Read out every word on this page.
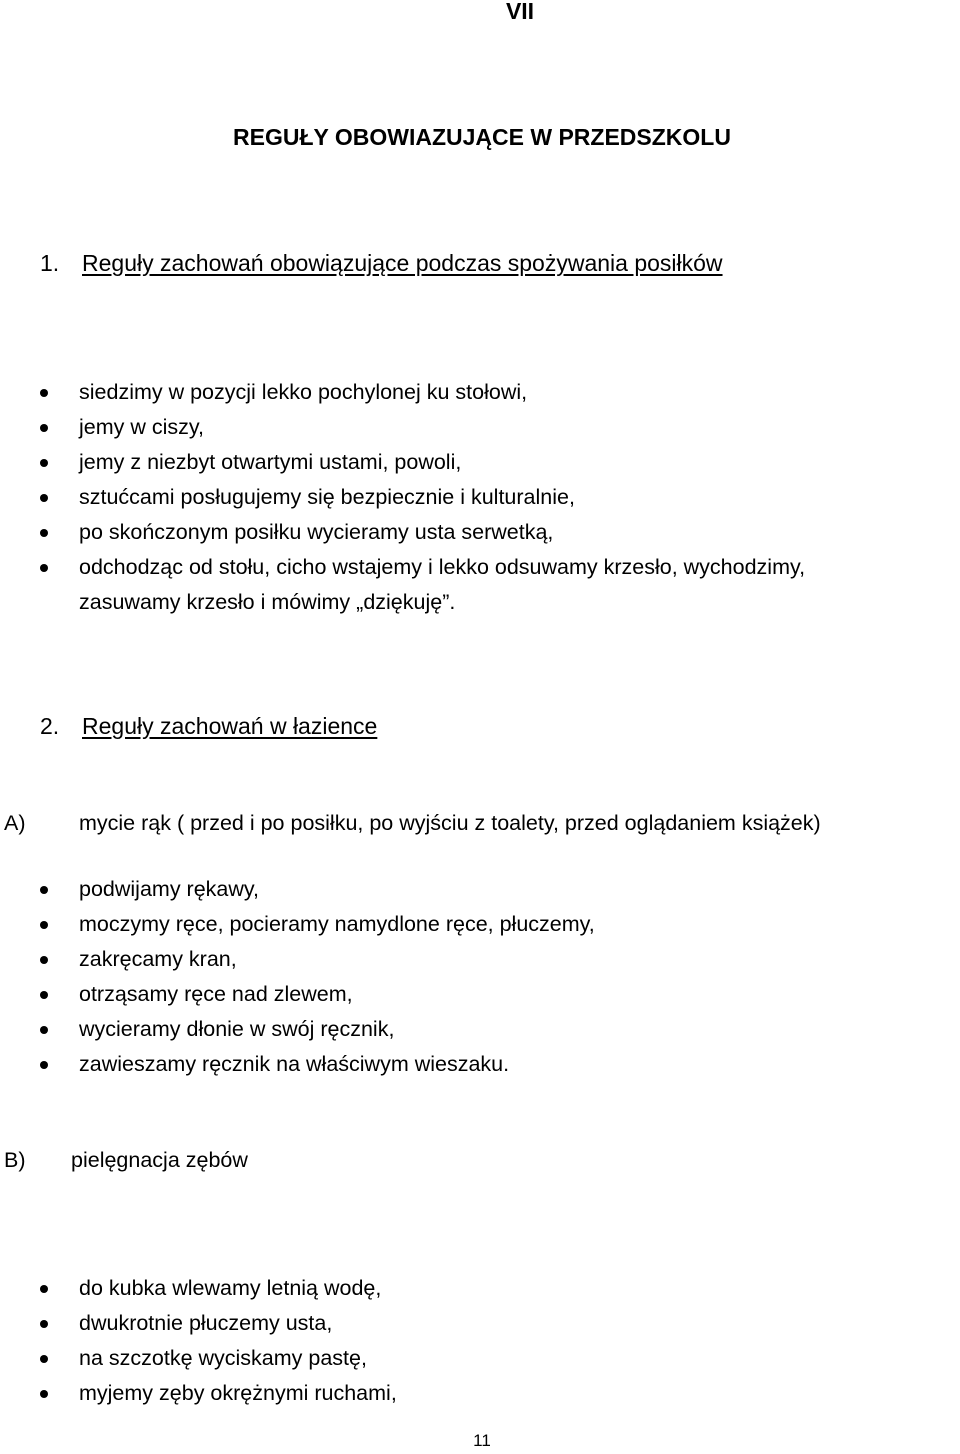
VII
REGUŁY OBOWIAZUJĄCE W PRZEDSZKOLU
1. Reguły zachowań obowiązujące podczas spożywania posiłków
siedzimy w pozycji lekko pochylonej ku stołowi,
jemy w ciszy,
jemy z niezbyt otwartymi ustami, powoli,
sztućcami posługujemy się bezpiecznie i kulturalnie,
po skończonym posiłku wycieramy usta serwetką,
odchodząc od stołu, cicho wstajemy i lekko odsuwamy krzesło, wychodzimy,
zasuwamy krzesło i mówimy „dziękuję”.
2. Reguły zachowań w łazience
A) mycie rąk ( przed i po posiłku, po wyjściu z toalety, przed oglądaniem książek)
podwijamy rękawy,
moczymy ręce, pocieramy namydlone ręce, płuczemy,
zakręcamy kran,
otrząsamy ręce nad zlewem,
wycieramy dłonie w swój ręcznik,
zawieszamy ręcznik na właściwym wieszaku.
B) pielęgnacja zębów
do kubka wlewamy letnią wodę,
dwukrotnie płuczemy usta,
na szczotkę wyciskamy pastę,
myjemy zęby okrężnymi ruchami,
11
